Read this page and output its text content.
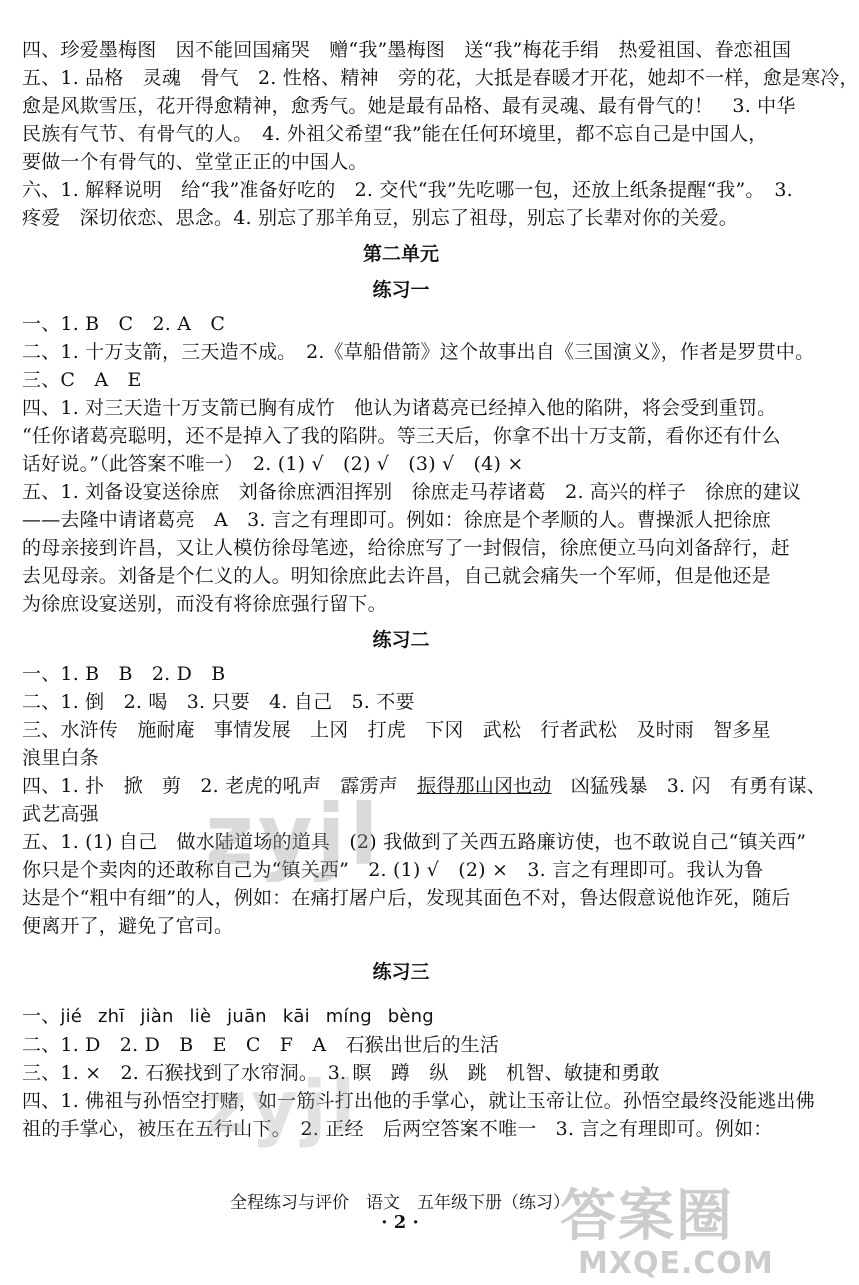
四、珍爱墨梅图　因不能回国痛哭　赠“我”墨梅图　送“我”梅花手绢　热爱祖国、眷恋祖国
五、1. 品格　灵魂　骨气　2. 性格、精神　旁的花，大抵是春暖才开花，她却不一样，愈是寒冷，
愈是风欺雪压，花开得愈精神，愈秀气。她是最有品格、最有灵魂、最有骨气的！　3. 中华
民族有气节、有骨气的人。　4. 外祖父希望“我”能在任何环境里，都不忘自己是中国人，
要做一个有骨气的、堂堂正正的中国人。
六、1. 解释说明　给“我”准备好吃的　2. 交代“我”先吃哪一包，还放上纸条提醒“我”。　3.
疼爱　深切依恋、思念。4. 别忘了那羊角豆，别忘了祖母，别忘了长辈对你的关爱。
第二单元
练习一
一、1. B　C　2. A　C
二、1. 十万支箭，三天造不成。　2.《草船借箭》这个故事出自《三国演义》，作者是罗贯中。
三、C　A　E
四、1. 对三天造十万支箭已胸有成竹　他认为诸葛亮已经掉入他的陷阱，将会受到重罚。
“任你诸葛亮聪明，还不是掉入了我的陷阱。等三天后，你拿不出十万支箭，看你还有什么
话好说。”（此答案不唯一）　2. (1) √　(2) √　(3) √　(4) ×
五、1. 刘备设宴送徐庶　刘备徐庶洒泪挥别　徐庶走马荐诸葛　2. 高兴的样子　徐庶的建议
——去隆中请诸葛亮　A　3. 言之有理即可。例如：徐庶是个孝顺的人。曹操派人把徐庶
的母亲接到许昌，又让人模仿徐母笔迹，给徐庶写了一封假信，徐庶便立马向刘备辞行，赶
去见母亲。刘备是个仁义的人。明知徐庶此去许昌，自己就会痛失一个军师，但是他还是
为徐庶设宴送别，而没有将徐庶强行留下。
练习二
一、1. B　B　2. D　B
二、1. 倒　2. 喝　3. 只要　4. 自己　5. 不要
三、水浒传　施耐庵　事情发展　上冈　打虎　下冈　武松　行者武松　及时雨　智多星
浪里白条
四、1. 扑　掀　剪　2. 老虎的吼声　霹雳声　振得那山冈也动　凶猛残暴　3. 闪　有勇有谋、
武艺高强
五、1. (1) 自己　做水陆道场的道具　(2) 我做到了关西五路廉访使，也不敢说自己“镇关西”
你只是个卖肉的还敢称自己为“镇关西”　2. (1) √　(2) ×　3. 言之有理即可。我认为鲁
达是个“粗中有细”的人，例如：在痛打屠户后，发现其面色不对，鲁达假意说他诈死，随后
便离开了，避免了官司。
练习三
一、jié zhī jiàn liè juān kāi míng bèng
二、1. D　2. D　B　E　C　F　A　石猴出世后的生活
三、1. ×　2. 石猴找到了水帘洞。　3. 瞑　蹲　纵　跳　机智、敏捷和勇敢
四、1. 佛祖与孙悟空打赌，如一筋斗打出他的手掌心，就让玉帝让位。孙悟空最终没能逃出佛
祖的手掌心，被压在五行山下。　2. 正经　后两空答案不唯一　3. 言之有理即可。例如：
全程练习与评价　语文　五年级下册（练习）
· 2 ·
zyjl
zyjl
答案圈
MXQE.COM
